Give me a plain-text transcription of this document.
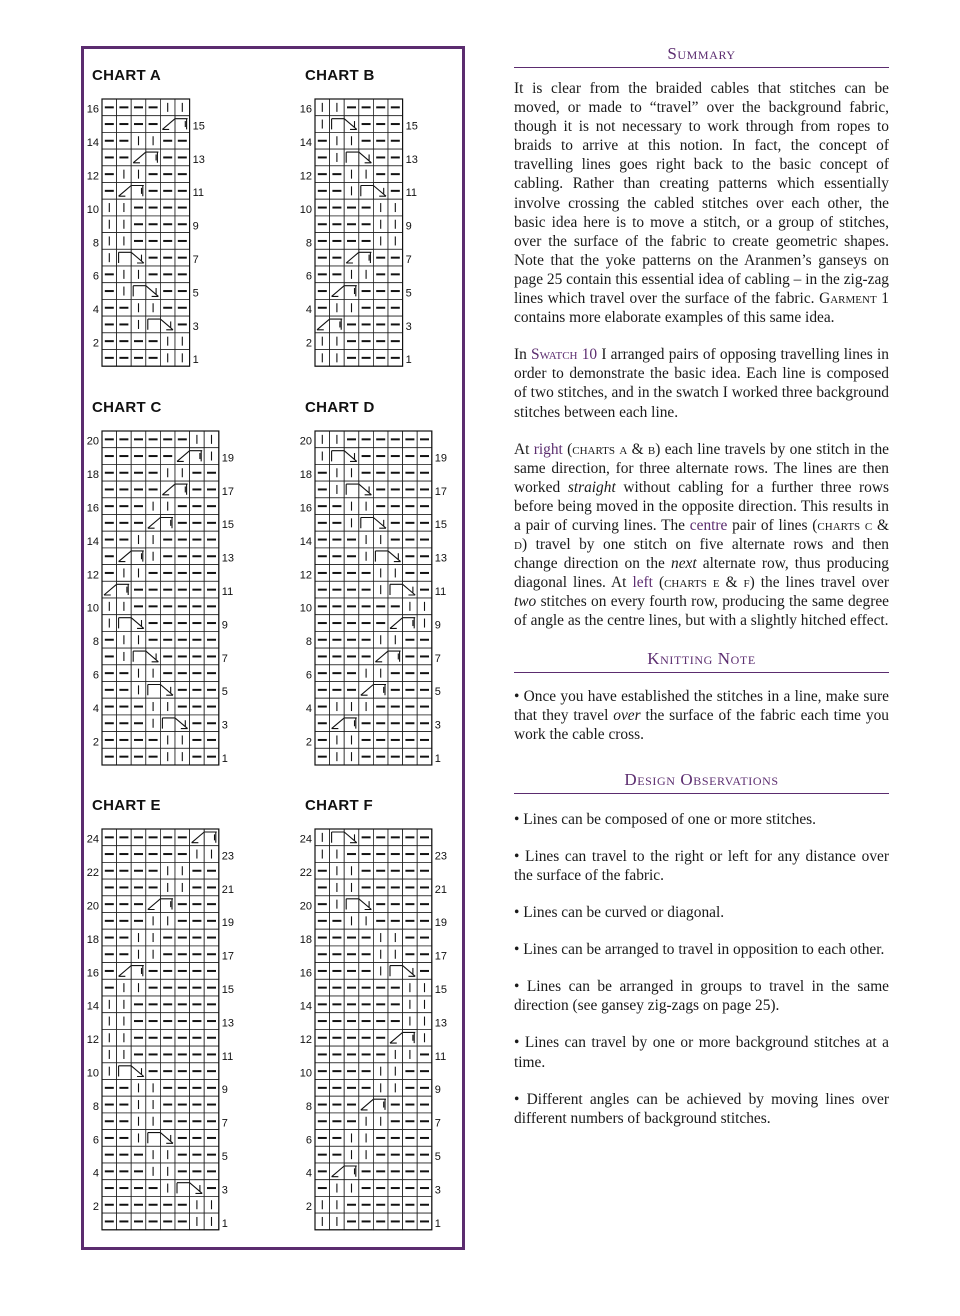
CHART A
16
15
14
13
12
11
10
9
8
7
6
5
4
3
2
1
CHART B
16
15
14
13
12
11
10
9
8
7
6
5
4
3
2
1
CHART C
20
19
18
17
16
15
14
13
12
11
10
9
8
7
6
5
4
3
2
1
CHART D
20
19
18
17
16
15
14
13
12
11
10
9
8
7
6
5
4
3
2
1
CHART E
24
23
22
21
20
19
18
17
16
15
14
13
12
11
10
9
8
7
6
5
4
3
2
1
CHART F
24
23
22
21
20
19
18
17
16
15
14
13
12
11
10
9
8
7
6
5
4
3
2
1
Summary

It is clear from the braided cables that stitches can be moved, or made to “travel” over the background fabric, though it is not necessary to work through from ropes to braids to arrive at this notion. In fact, the concept of travelling lines goes right back to the basic concept of cabling. Rather than creating patterns which essentially involve crossing the cabled stitches over each other, the basic idea here is to move a stitch, or a group of stitches, over the surface of the fabric to create geometric shapes. Note that the yoke patterns on the Aranmen’s ganseys on page 25 contain this essential idea of cabling – in the zig-zag lines which travel over the surface of the fabric. Garment 1 contains more elaborate examples of this same idea.

In Swatch 10 I arranged pairs of opposing travelling lines in order to demonstrate the basic idea. Each line is composed of two stitches, and in the swatch I worked three background stitches between each line.

At right (charts a & b) each line travels by one stitch in the same direction, for three alternate rows. The lines are then worked straight without cabling for a further three rows before being moved in the opposite direction. This results in a pair of curving lines. The centre pair of lines (charts c & d) travel by one stitch on five alternate rows and then change direction on the next alternate row, thus producing diagonal lines. At left (charts e & f) the lines travel over two stitches on every fourth row, producing the same degree of angle as the centre lines, but with a slightly hitched effect.

Knitting Note

• Once you have established the stitches in a line, make sure that they travel over the surface of the fabric each time you work the cable cross.

Design Observations

• Lines can be composed of one or more stitches.

• Lines can travel to the right or left for any distance over the surface of the fabric.

• Lines can be curved or diagonal.

• Lines can be arranged to travel in opposition to each other.

• Lines can be arranged in groups to travel in the same direction (see gansey zig-zags on page 25).

• Lines can travel by one or more background stitches at a time.

• Different angles can be achieved by moving lines over different numbers of background stitches.
